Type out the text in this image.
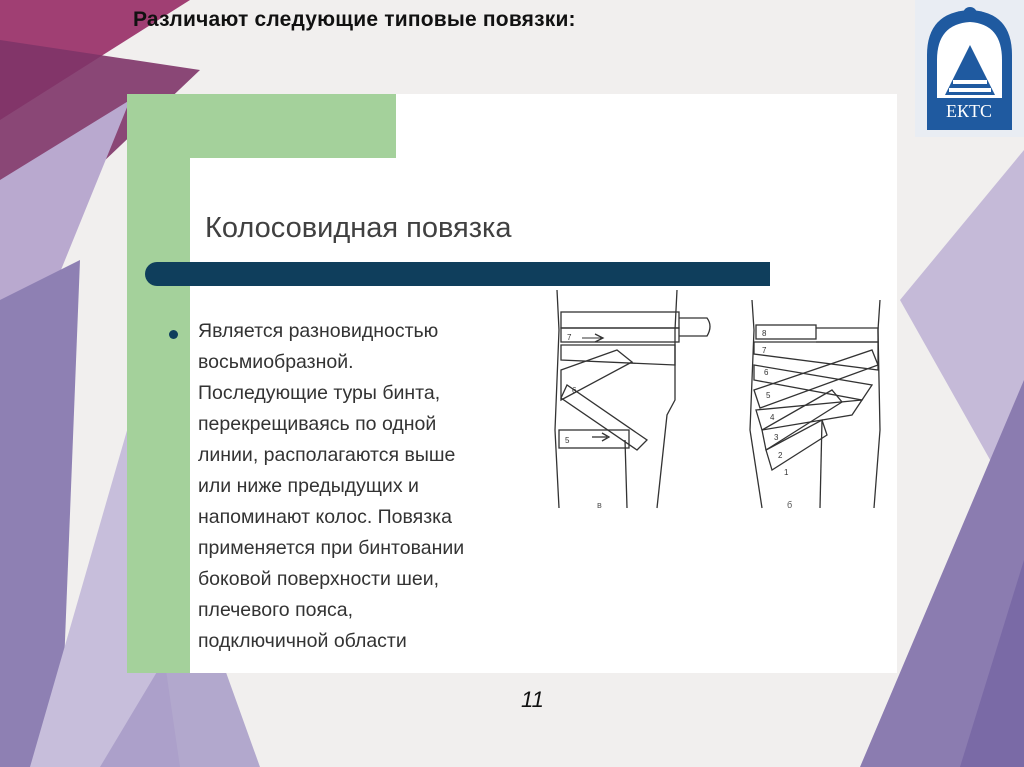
Различают следующие типовые повязки:
ЕКТС
Колосовидная повязка
Является разновидностью
восьмиобразной.
Последующие туры бинта,
перекрещиваясь по одной
линии, располагаются выше
или ниже предыдущих и
напоминают колос. Повязка
применяется при бинтовании
боковой поверхности шеи,
плечевого пояса,
подключичной области
7
6
5
в
8
7
6
5
4
3
2
1
б
11
